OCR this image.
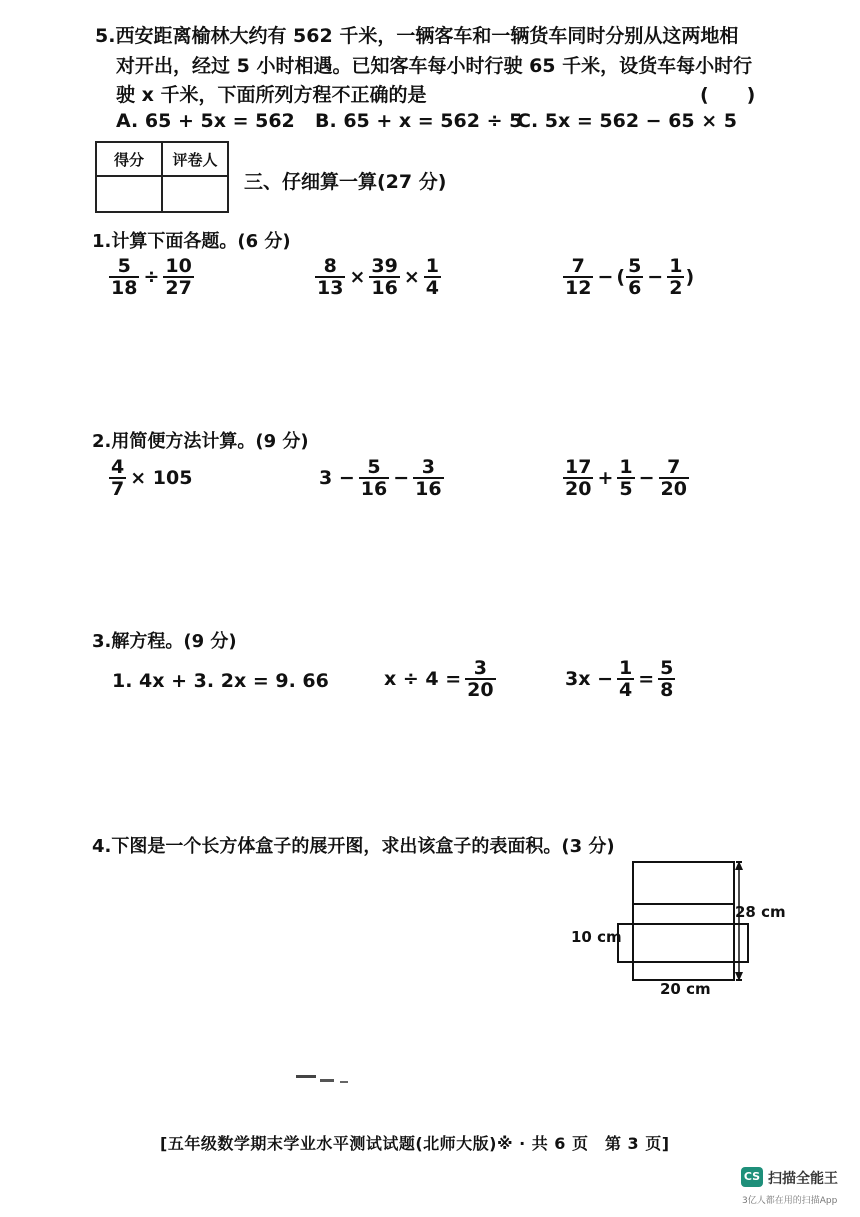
5.西安距离榆林大约有 562 千米，一辆客车和一辆货车同时分别从这两地相
对开出，经过 5 小时相遇。已知客车每小时行驶 65 千米，设货车每小时行
驶 x 千米，下面所列方程不正确的是	(　　)
A. 65 + 5x = 562 B. 65 + x = 562 ÷ 5
C. 5x = 562 − 65 × 5
得分	评卷人

三、仔细算一算(27 分)
1.计算下面各题。(6 分)
$\frac{5}{18} \div \frac{10}{27}$	$\frac{8}{13} \times \frac{39}{16} \times \frac{1}{4}$	$\frac{7}{12}$ − ( $\frac{5}{6} - \frac{1}{2}$ )
2.用简便方法计算。(9 分)
$\frac{4}{7} \times 105$	$3 - \frac{5}{16} - \frac{3}{16}$	$\frac{17}{20} + \frac{1}{5} - \frac{7}{20}$
3.解方程。(9 分)
1. 4x + 3. 2x = 9. 66	$x \div 4 = \frac{3}{20}$	$3x - \frac{1}{4} = \frac{5}{8}$
4.下图是一个长方体盒子的展开图，求出该盒子的表面积。(3 分)
28 cm
10 cm
20 cm
[五年级数学期末学业水平测试试题(北师大版)※ · 共 6 页　第 3 页]
CS 扫描全能王
3亿人都在用的扫描App
